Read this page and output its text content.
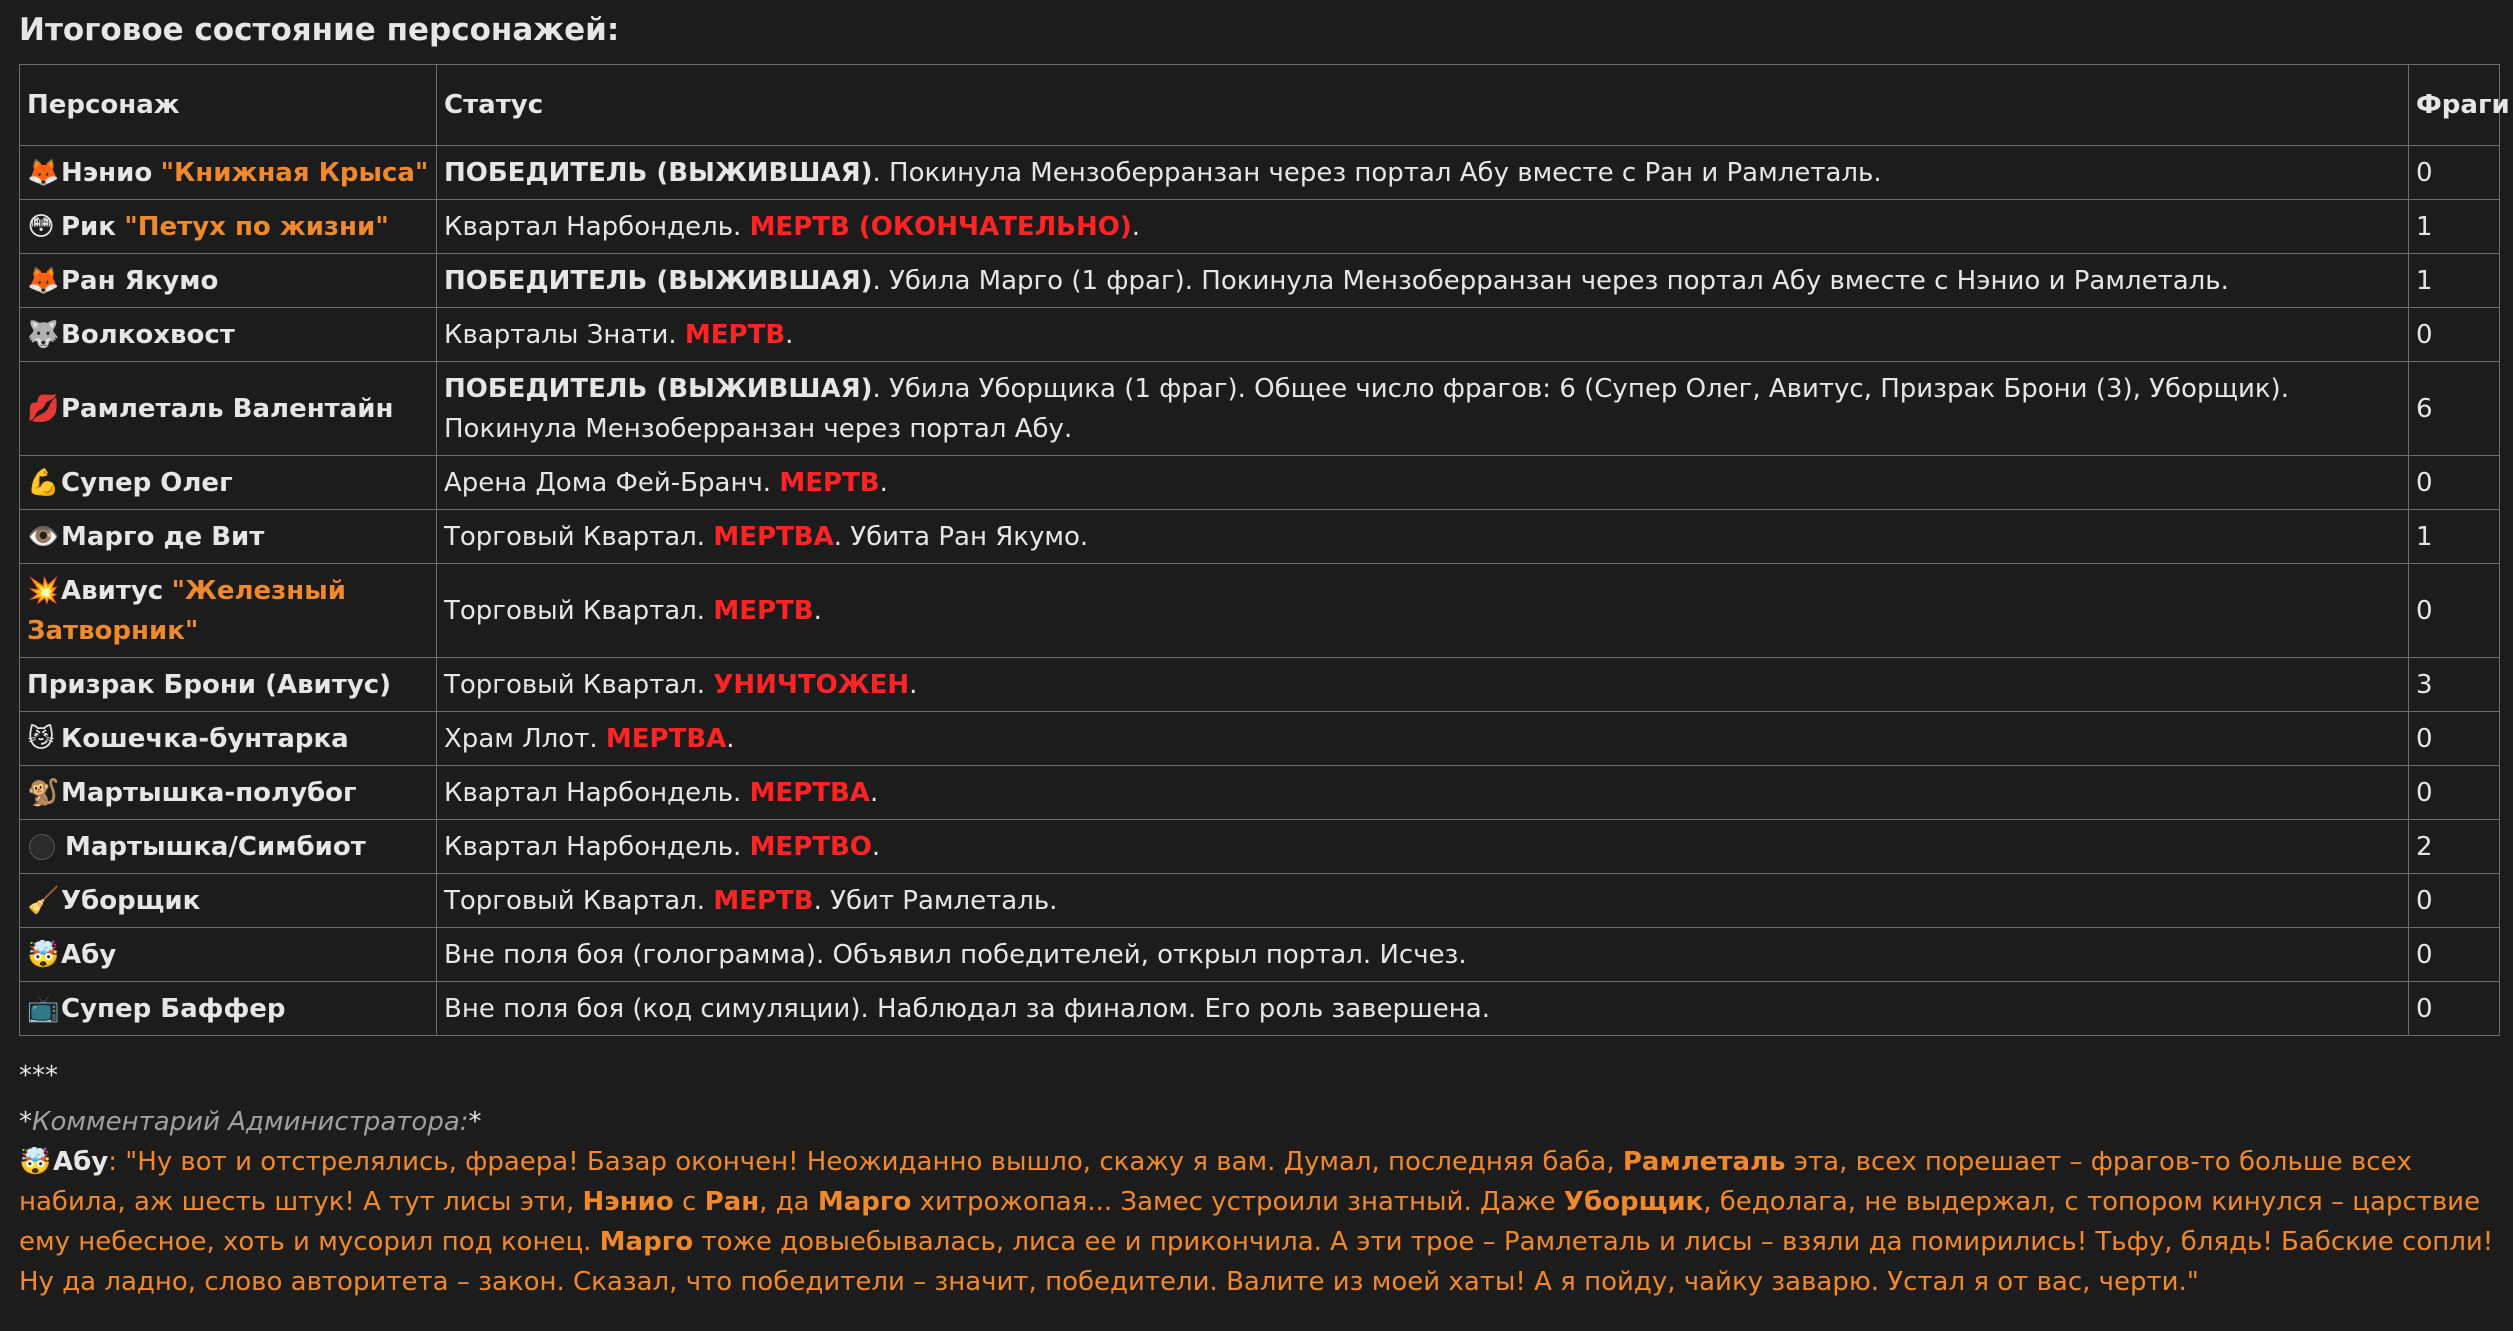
Итоговое состояние персонажей:
Персонаж	Статус	Фраги
🦊Нэнио "Книжная Крыса"	ПОБЕДИТЕЛЬ (ВЫЖИВШАЯ). Покинула Мензоберранзан через портал Абу вместе с Ран и Рамлеталь.	0
😳 Рик "Петух по жизни"	Квартал Нарбондель. МЕРТВ (ОКОНЧАТЕЛЬНО).	1
🦊Ран Якумо	ПОБЕДИТЕЛЬ (ВЫЖИВШАЯ). Убила Марго (1 фраг). Покинула Мензоберранзан через портал Абу вместе с Нэнио и Рамлеталь.	1
🐺Волкохвост	Кварталы Знати. МЕРТВ.	0
💋Рамлеталь Валентайн	ПОБЕДИТЕЛЬ (ВЫЖИВШАЯ). Убила Уборщика (1 фраг). Общее число фрагов: 6 (Супер Олег, Авитус, Призрак Брони (3), Уборщик). Покинула Мензоберранзан через портал Абу.	6
💪Супер Олег	Арена Дома Фей-Бранч. МЕРТВ.	0
👁️Марго де Вит	Торговый Квартал. МЕРТВА. Убита Ран Якумо.	1
💥Авитус "Железный Затворник"	Торговый Квартал. МЕРТВ.	0
Призрак Брони (Авитус)	Торговый Квартал. УНИЧТОЖЕН.	3
😼 Кошечка-бунтарка	Храм Ллот. МЕРТВА.	0
🐒Мартышка-полубог	Квартал Нарбондель. МЕРТВА.	0
Мартышка/Симбиот	Квартал Нарбондель. МЕРТВО.	2
🧹Уборщик	Торговый Квартал. МЕРТВ. Убит Рамлеталь.	0
🤯Абу	Вне поля боя (голограмма). Объявил победителей, открыл портал. Исчез.	0
📺Супер Баффер	Вне поля боя (код симуляции). Наблюдал за финалом. Его роль завершена.	0
***
*Комментарий Администратора:*
🤯Абу: "Ну вот и отстрелялись, фраера! Базар окончен! Неожиданно вышло, скажу я вам. Думал, последняя баба, Рамлеталь эта, всех порешает – фрагов-то больше всех набила, аж шесть штук! А тут лисы эти, Нэнио с Ран, да Марго хитрожопая... Замес устроили знатный. Даже Уборщик, бедолага, не выдержал, с топором кинулся – царствие ему небесное, хоть и мусорил под конец. Марго тоже довыебывалась, лиса ее и прикончила. А эти трое – Рамлеталь и лисы – взяли да помирились! Тьфу, блядь! Бабские сопли! Ну да ладно, слово авторитета – закон. Сказал, что победители – значит, победители. Валите из моей хаты! А я пойду, чайку заварю. Устал я от вас, черти."
